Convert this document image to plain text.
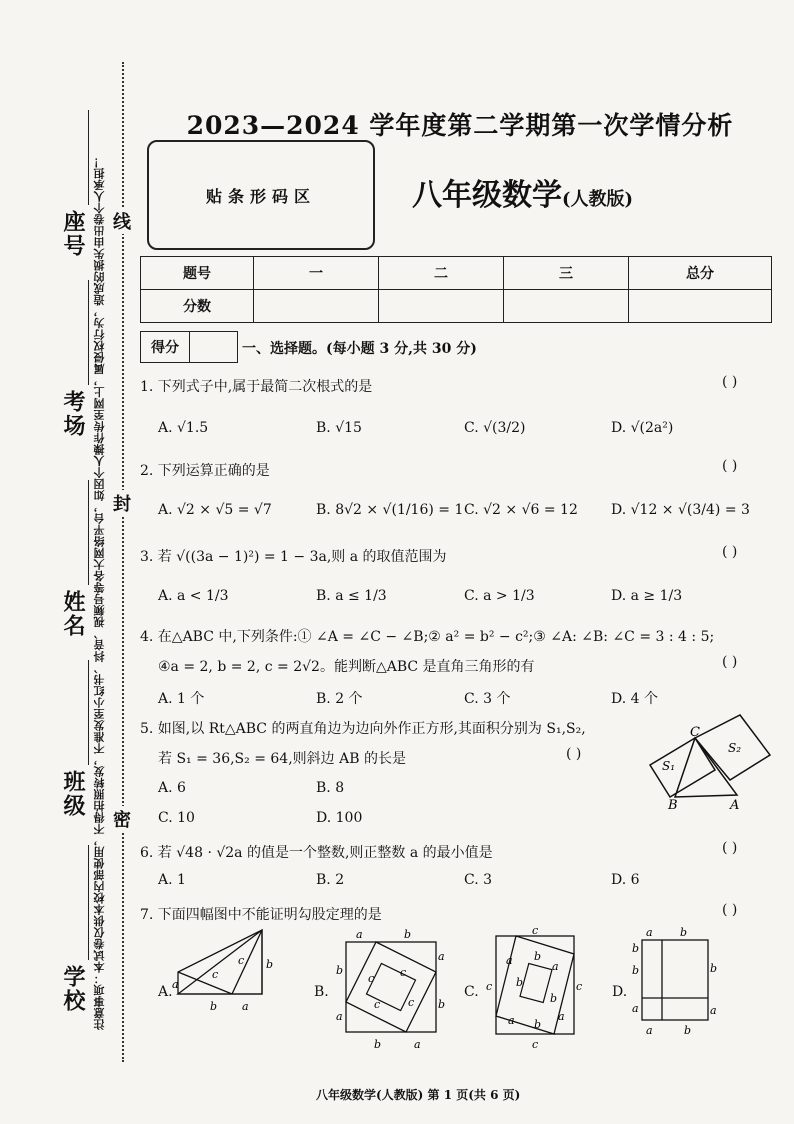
座号
考场
姓名
班级
学校 注意事项：本试卷仅供本校内部使用，不得拍照转发，不准发至小红书、抖音、视频号等各大网络平台，如因个人操作传至网上，属侵权行为，造成的损失由出卷个人承担！ 线
封
密
2023—2024 学年度第二学期第一次学情分析
贴条形码区	八年级数学(人教版)
题号	一	二	三	总分
分数				
得分	一、选择题。(每小题 3 分,共 30 分)
1. 下列式子中,属于最简二次根式的是	( )
A. √1.5	B. √15	C. √(3/2)	D. √(2a²)
2. 下列运算正确的是	( )
A. √2 × √5 = √7	B. 8√2 × √(1/16) = 1 C. √2 × √6 = 12 D. √12 × √(3/4) = 3
3. 若 √((3a − 1)²) = 1 − 3a,则 a 的取值范围为	( )
A. a < 1/3	B. a ≤ 1/3	C. a > 1/3	D. a ≥ 1/3
4. 在△ABC 中,下列条件:① ∠A = ∠C − ∠B;② a² = b² − c²;③ ∠A: ∠B: ∠C = 3 : 4 : 5;
④a = 2, b = 2, c = 2√2。能判断△ABC 是直角三角形的有	( )
A. 1 个	B. 2 个	C. 3 个	D. 4 个
5. 如图,以 Rt△ABC 的两直角边为边向外作正方形,其面积分别为 S₁,S₂,
若 S₁ = 36,S₂ = 64,则斜边 AB 的长是	( )
A. 6	B. 8
C. 10	D. 100
C
S₁
S₂
B	A
6. 若 √48 · √2a 的值是一个整数,则正整数 a 的最小值是	( )
A. 1	B. 2	C. 3	D. 6
7. 下面四幅图中不能证明勾股定理的是	( )
A. a
b a
b
c
c
B.
a	b
b
a
a
b
b	a
c c
c	c
C.
c
c	c
c
a b
a
b
b
a b
a
D.
a b
b
b	b
a	a
a	b
八年级数学(人教版) 第 1 页(共 6 页)
